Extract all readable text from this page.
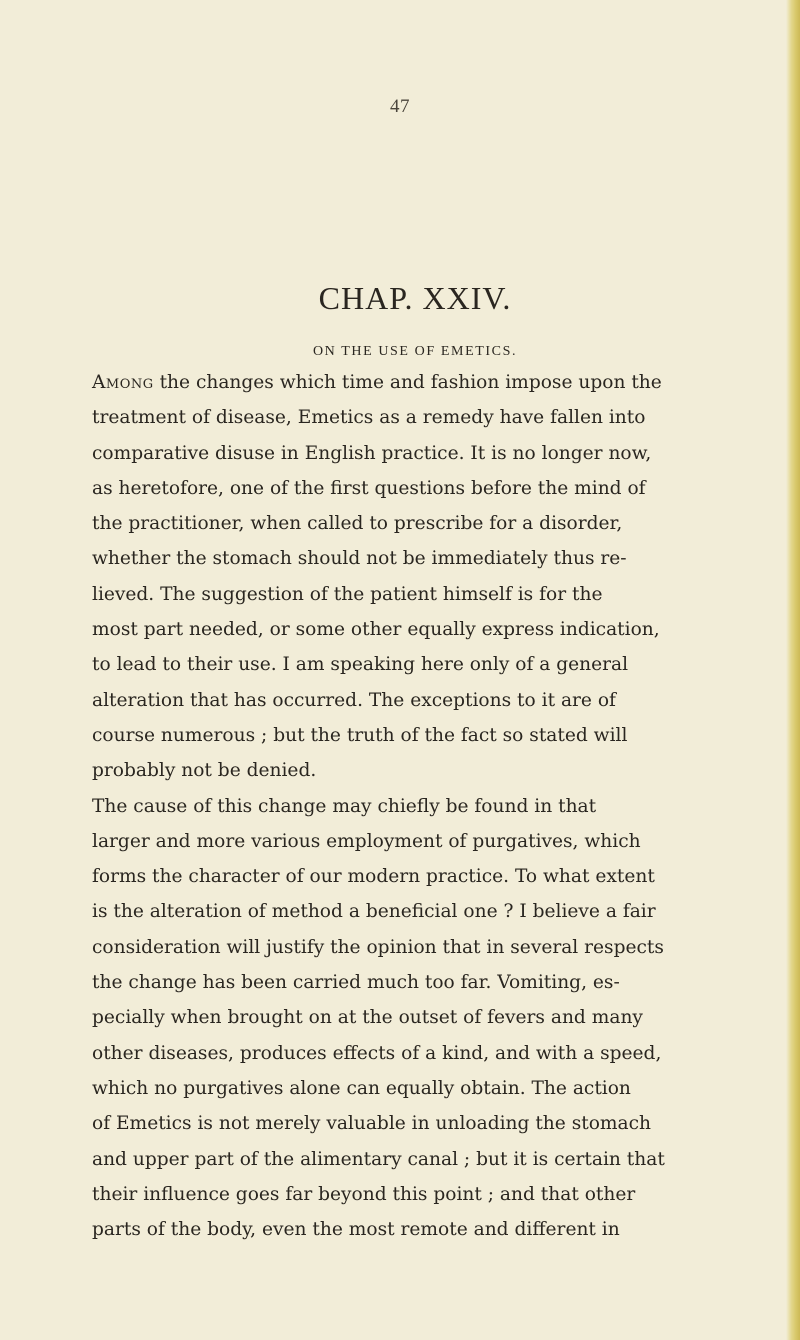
47
CHAP. XXIV.
ON THE USE OF EMETICS.
Among the changes which time and fashion impose upon the
treatment of disease, Emetics as a remedy have fallen into
comparative disuse in English practice. It is no longer now,
as heretofore, one of the first questions before the mind of
the practitioner, when called to prescribe for a disorder,
whether the stomach should not be immediately thus re-
lieved. The suggestion of the patient himself is for the
most part needed, or some other equally express indication,
to lead to their use. I am speaking here only of a general
alteration that has occurred. The exceptions to it are of
course numerous ; but the truth of the fact so stated will
probably not be denied.
The cause of this change may chiefly be found in that
larger and more various employment of purgatives, which
forms the character of our modern practice. To what extent
is the alteration of method a beneficial one ? I believe a fair
consideration will justify the opinion that in several respects
the change has been carried much too far. Vomiting, es-
pecially when brought on at the outset of fevers and many
other diseases, produces effects of a kind, and with a speed,
which no purgatives alone can equally obtain. The action
of Emetics is not merely valuable in unloading the stomach
and upper part of the alimentary canal ; but it is certain that
their influence goes far beyond this point ; and that other
parts of the body, even the most remote and different in
